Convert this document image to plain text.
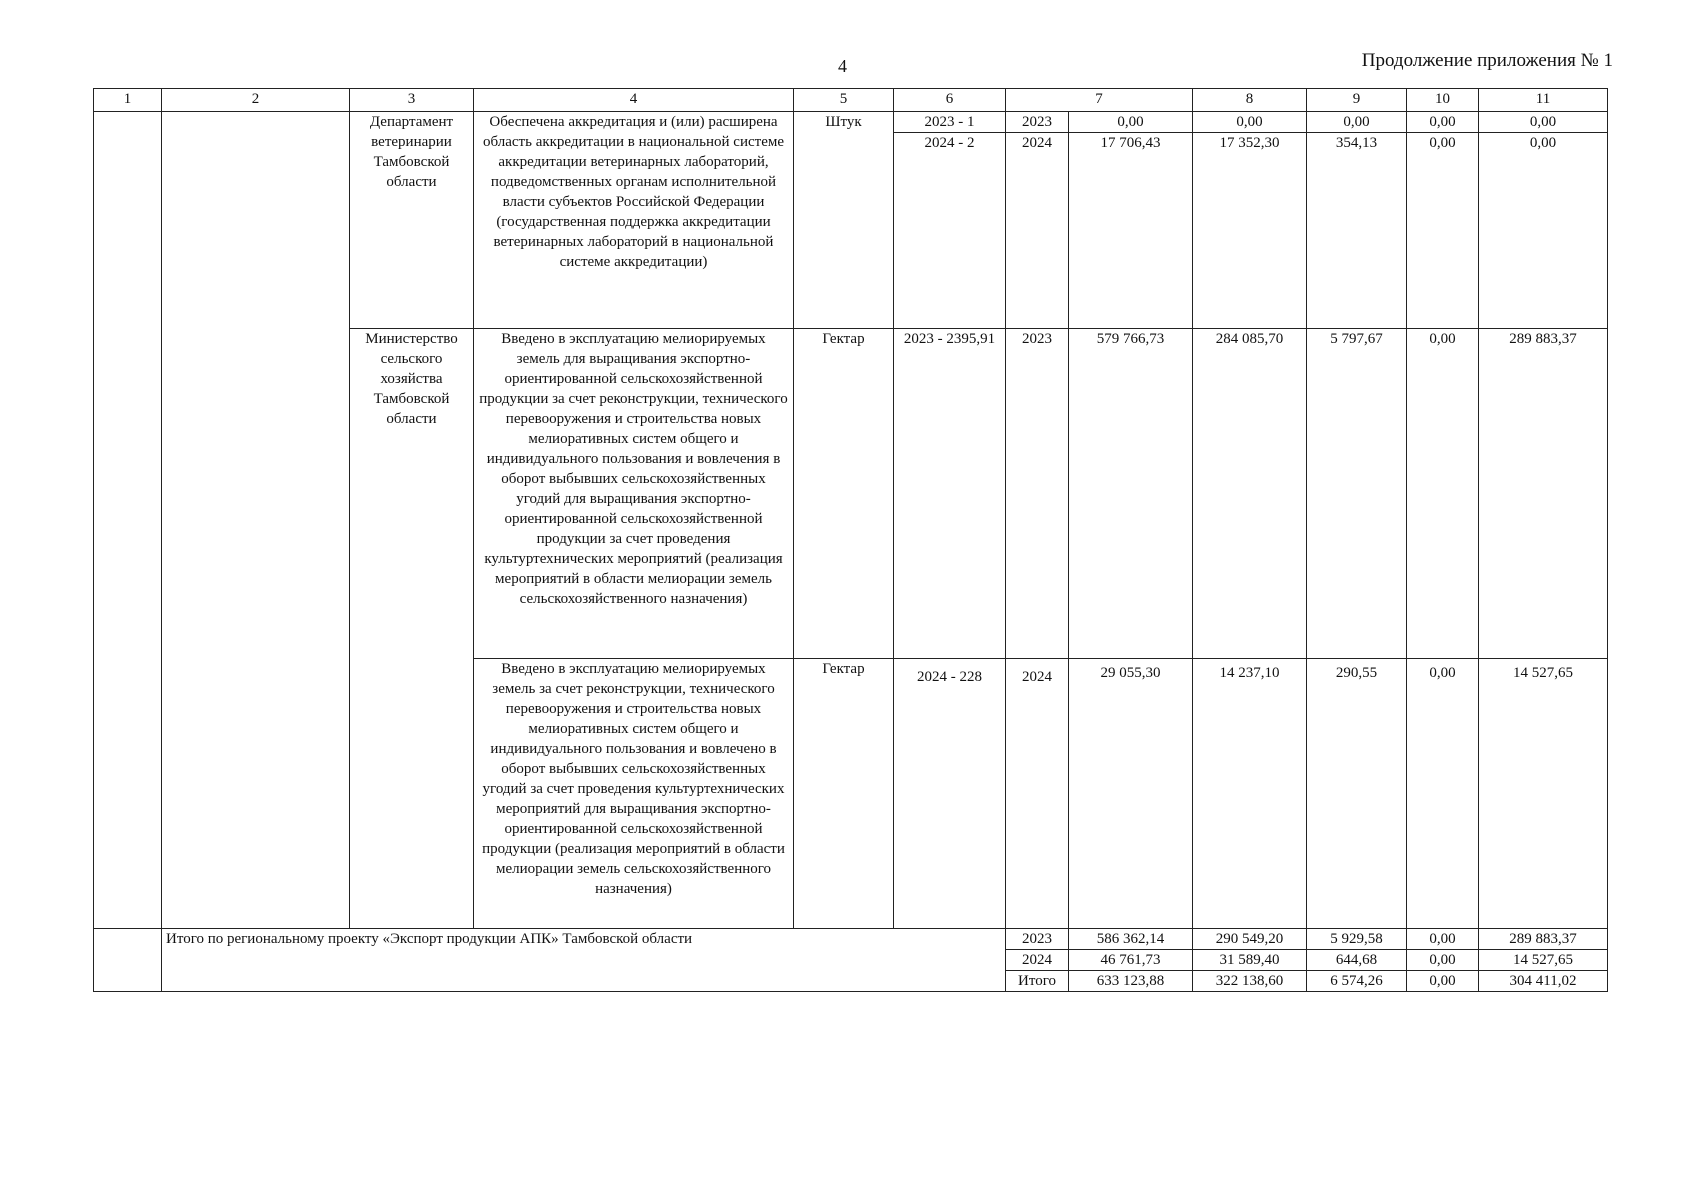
4	Продолжение приложения № 1
1	2	3	4	5	6	7		8	9	10	11
		Департамент ветеринарии Тамбовской области	Обеспечена аккредитация и (или) расширена область аккредитации в национальной системе аккредитации ветеринарных лабораторий, подведомственных органам исполнительной власти субъектов Российской Федерации (государственная поддержка аккредитации ветеринарных лабораторий в национальной системе аккредитации)	Штук	2023 - 1	2023	0,00	0,00	0,00	0,00	0,00
					2024 - 2	2024	17 706,43	17 352,30	354,13	0,00	0,00
		Министерство сельского хозяйства Тамбовской области	Введено в эксплуатацию мелиорируемых земель для выращивания экспортно-ориентированной сельскохозяйственной продукции за счет реконструкции, технического перевооружения и строительства новых мелиоративных систем общего и индивидуального пользования и вовлечения в оборот выбывших сельскохозяйственных угодий для выращивания экспортно-ориентированной сельскохозяйственной продукции за счет проведения культуртехнических мероприятий (реализация мероприятий в области мелиорации земель сельскохозяйственного назначения)	Гектар	2023 - 2395,91	2023	579 766,73	284 085,70	5 797,67	0,00	289 883,37
			Введено в эксплуатацию мелиорируемых земель за счет реконструкции, технического перевооружения и строительства новых мелиоративных систем общего и индивидуального пользования и вовлечено в оборот выбывших сельскохозяйственных угодий за счет проведения культуртехнических мероприятий для выращивания экспортно-ориентированной сельскохозяйственной продукции (реализация мероприятий в области мелиорации земель сельскохозяйственного назначения)	Гектар	2024 - 228	2024	29 055,30	14 237,10	290,55	0,00	14 527,65
	Итого по региональному проекту «Экспорт продукции АПК» Тамбовской области					2023	586 362,14	290 549,20	5 929,58	0,00	289 883,37
						2024	46 761,73	31 589,40	644,68	0,00	14 527,65
						Итого	633 123,88	322 138,60	6 574,26	0,00	304 411,02
